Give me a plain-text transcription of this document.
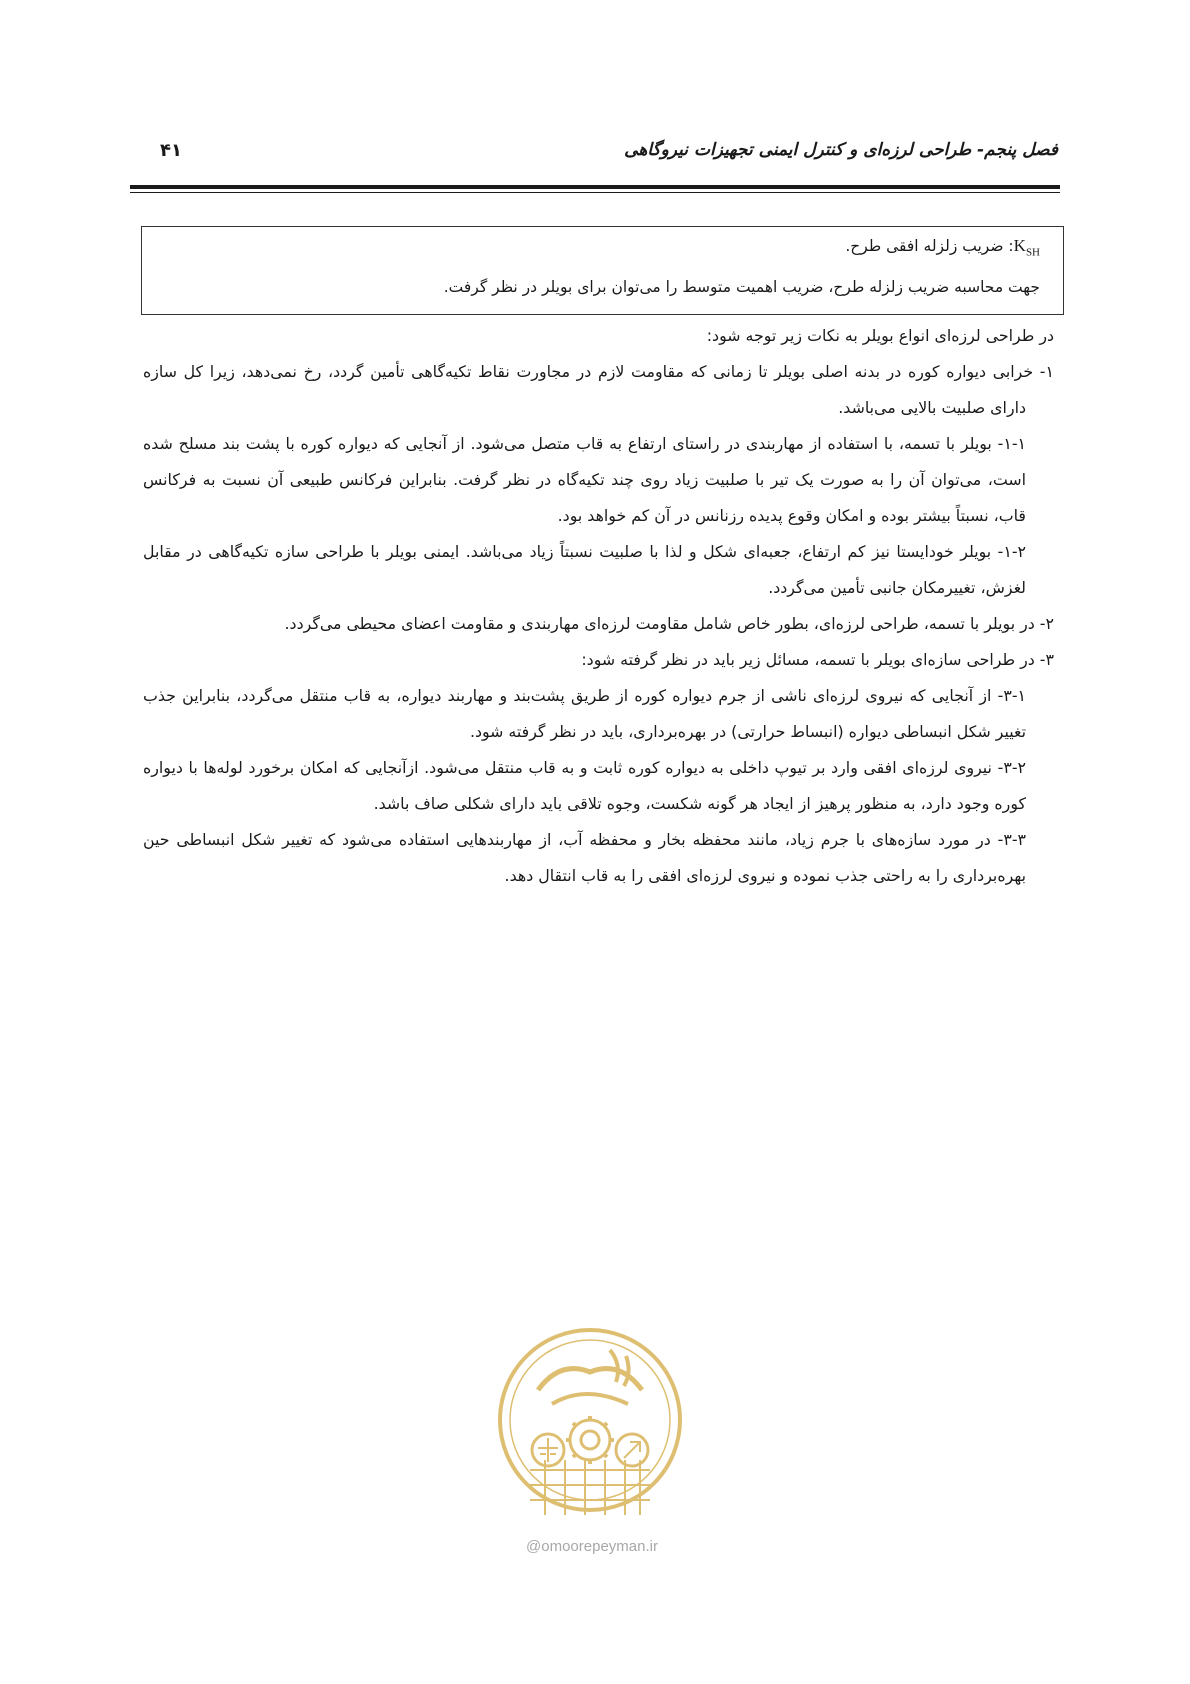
فصل پنجم- طراحی لرزه‌ای و کنترل ایمنی تجهیزات نیروگاهی
۴۱
$K_{SH}$: ضریب زلزله افقی طرح.
جهت محاسبه ضریب زلزله طرح، ضریب اهمیت متوسط را می‌توان برای بویلر در نظر گرفت.

در طراحی لرزه‌ای انواع بویلر به نکات زیر توجه شود:

۱- خرابی دیواره کوره در بدنه اصلی بویلر تا زمانی که مقاومت لازم در مجاورت نقاط تکیه‌گاهی تأمین گردد، رخ نمی‌دهد، زیرا کل سازه دارای صلبیت بالایی می‌باشد.

۱-۱- بویلر با تسمه، با استفاده از مهاربندی در راستای ارتفاع به قاب متصل می‌شود. از آنجایی که دیواره کوره با پشت بند مسلح شده است، می‌توان آن را به صورت یک تیر با صلبیت زیاد روی چند تکیه‌گاه در نظر گرفت. بنابراین فرکانس طبیعی آن نسبت به فرکانس قاب، نسبتاً بیشتر بوده و امکان وقوع پدیده رزنانس در آن کم خواهد بود.

۱-۲- بویلر خودایستا نیز کم ارتفاع، جعبه‌ای شکل و لذا با صلبیت نسبتاً زیاد می‌باشد. ایمنی بویلر با طراحی سازه تکیه‌گاهی در مقابل لغزش، تغییرمکان جانبی تأمین می‌گردد.

۲- در بویلر با تسمه، طراحی لرزه‌ای، بطور خاص شامل مقاومت لرزه‌ای مهاربندی و مقاومت اعضای محیطی می‌گردد.

۳- در طراحی سازه‌ای بویلر با تسمه، مسائل زیر باید در نظر گرفته شود:

۳-۱- از آنجایی که نیروی لرزه‌ای ناشی از جرم دیواره کوره از طریق پشت‌بند و مهاربند دیواره، به قاب منتقل می‌گردد، بنابراین جذب تغییر شکل انبساطی دیواره (انبساط حرارتی) در بهره‌برداری، باید در نظر گرفته شود.

۳-۲- نیروی لرزه‌ای افقی وارد بر تیوپ داخلی به دیواره کوره ثابت و به قاب منتقل می‌شود. ازآنجایی که امکان برخورد لوله‌ها با دیواره کوره وجود دارد، به منظور پرهیز از ایجاد هر گونه شکست، وجوه تلاقی باید دارای شکلی صاف باشد.

۳-۳- در مورد سازه‌های با جرم زیاد، مانند محفظه بخار و محفظه آب، از مهاربندهایی استفاده می‌شود که تغییر شکل انبساطی حین بهره‌برداری را به راحتی جذب نموده و نیروی لرزه‌ای افقی را به قاب انتقال دهد.

@omoorepeyman.ir
